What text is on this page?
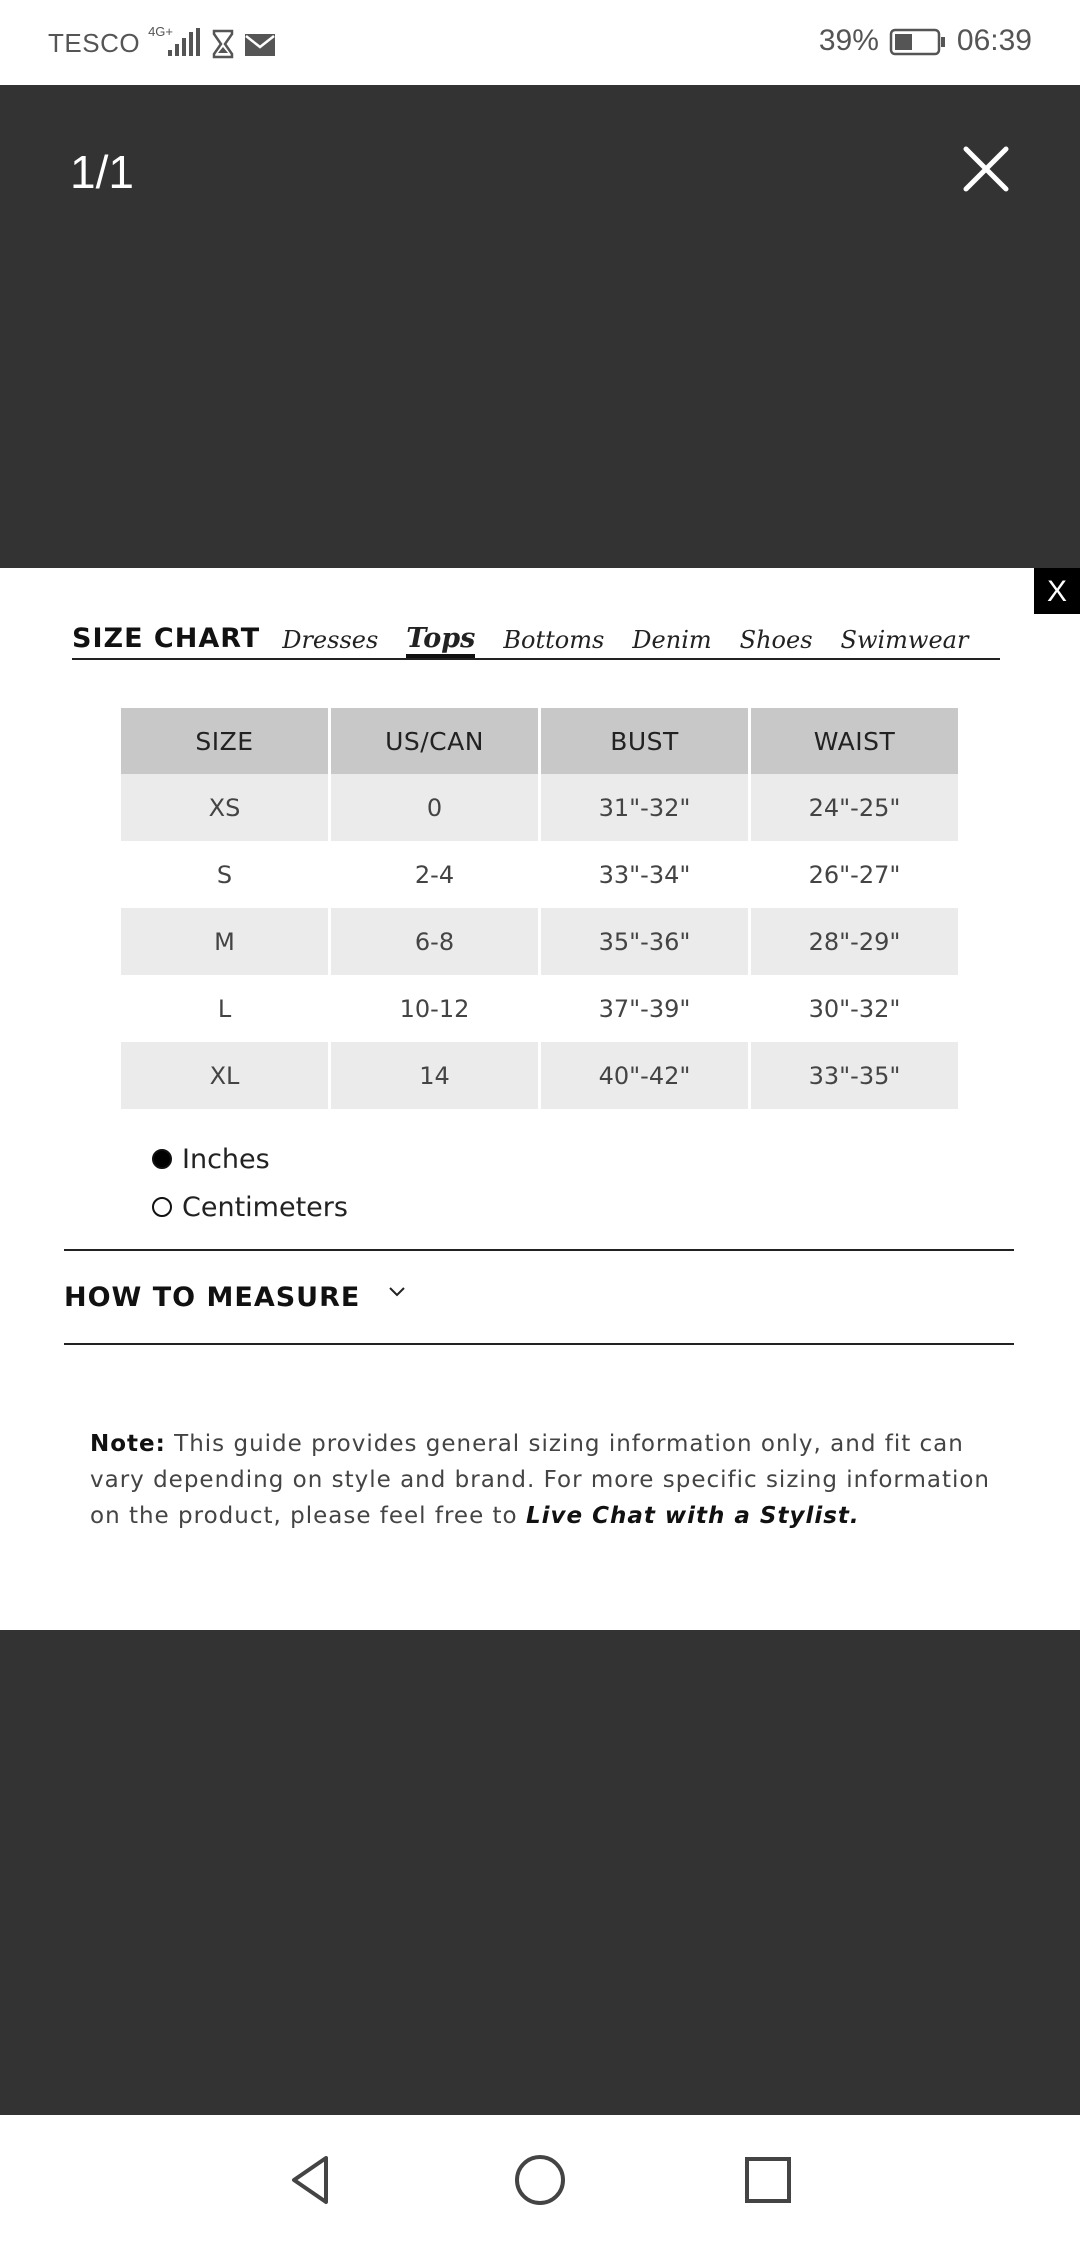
TESCO 4G+	39%	06:39
1/1
X
SIZE CHART Dresses Tops Bottoms Denim Shoes Swimwear
SIZE	US/CAN	BUST	WAIST
XS	0	31"-32"	24"-25"
S	2-4	33"-34"	26"-27"
M	6-8	35"-36"	28"-29"
L	10-12	37"-39"	30"-32"
XL	14	40"-42"	33"-35"
Inches
Centimeters
HOW TO MEASURE
Note: This guide provides general sizing information only, and fit can vary depending on style and brand. For more specific sizing information on the product, please feel free to Live Chat with a Stylist.
